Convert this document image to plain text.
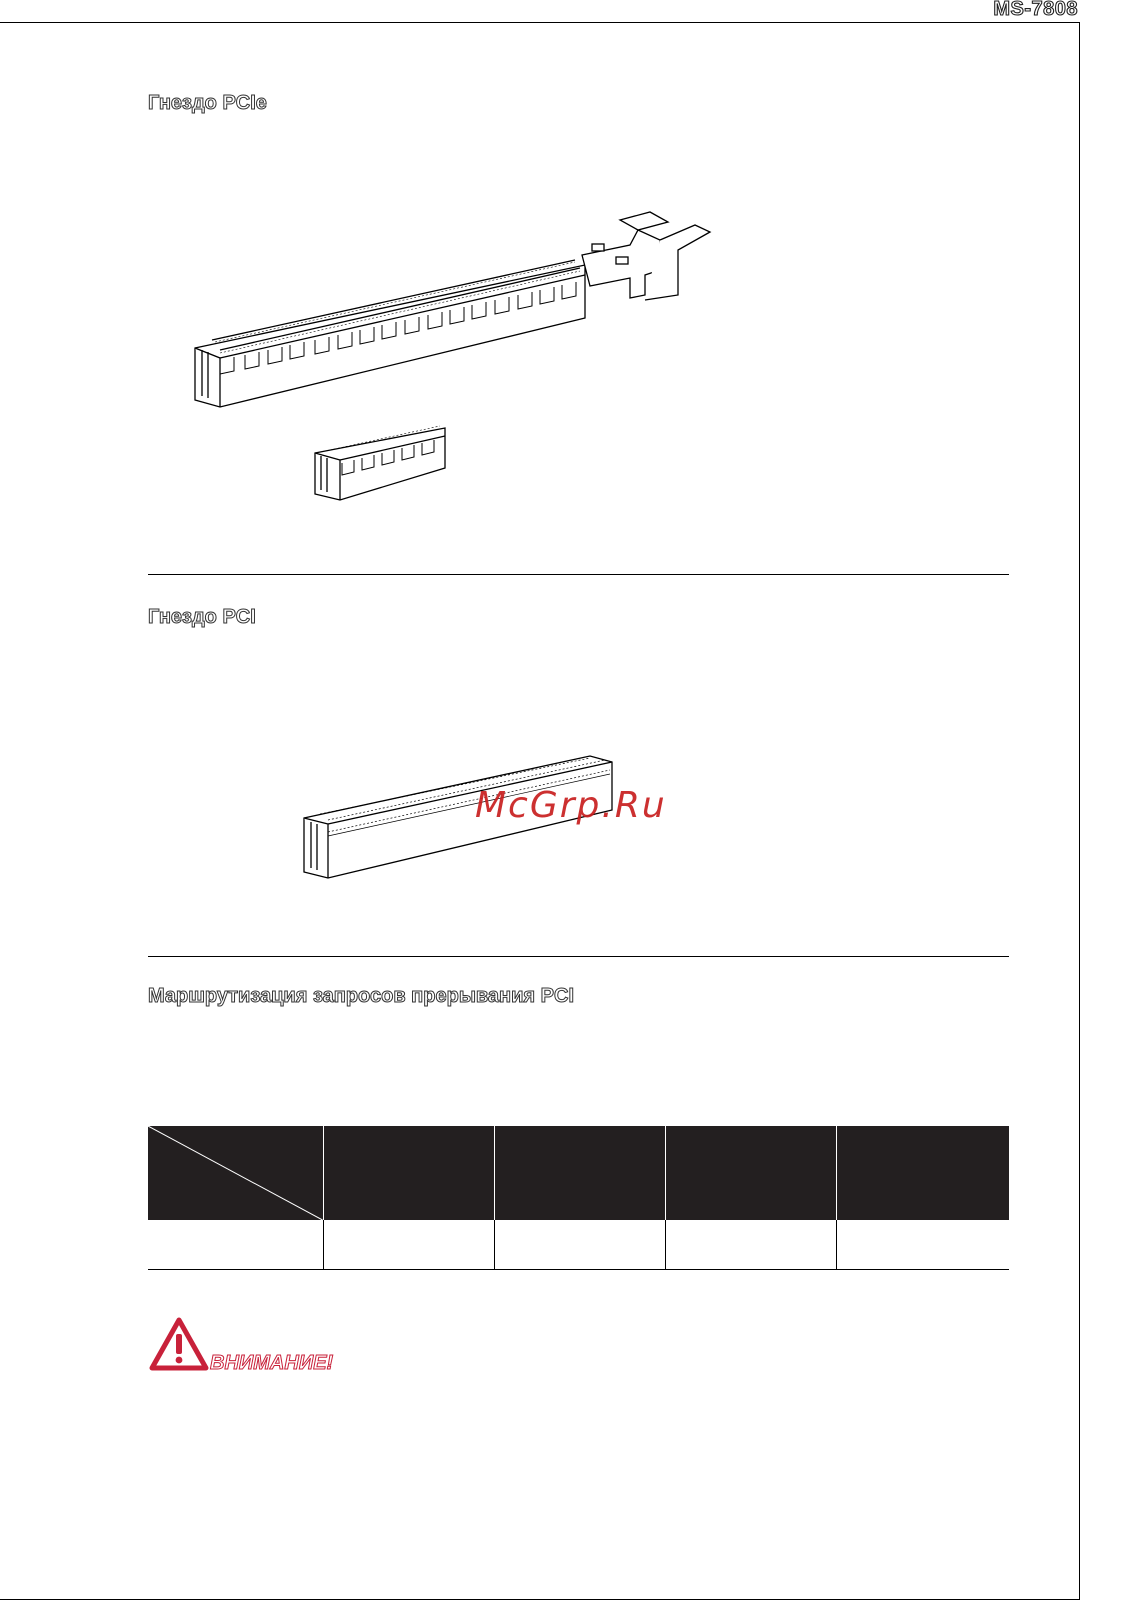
MS-7808
Гнездо PCIe
Гнездо PCI
McGrp.Ru
Маршрутизация запросов прерывания PCI

ВНИМАНИЕ!
